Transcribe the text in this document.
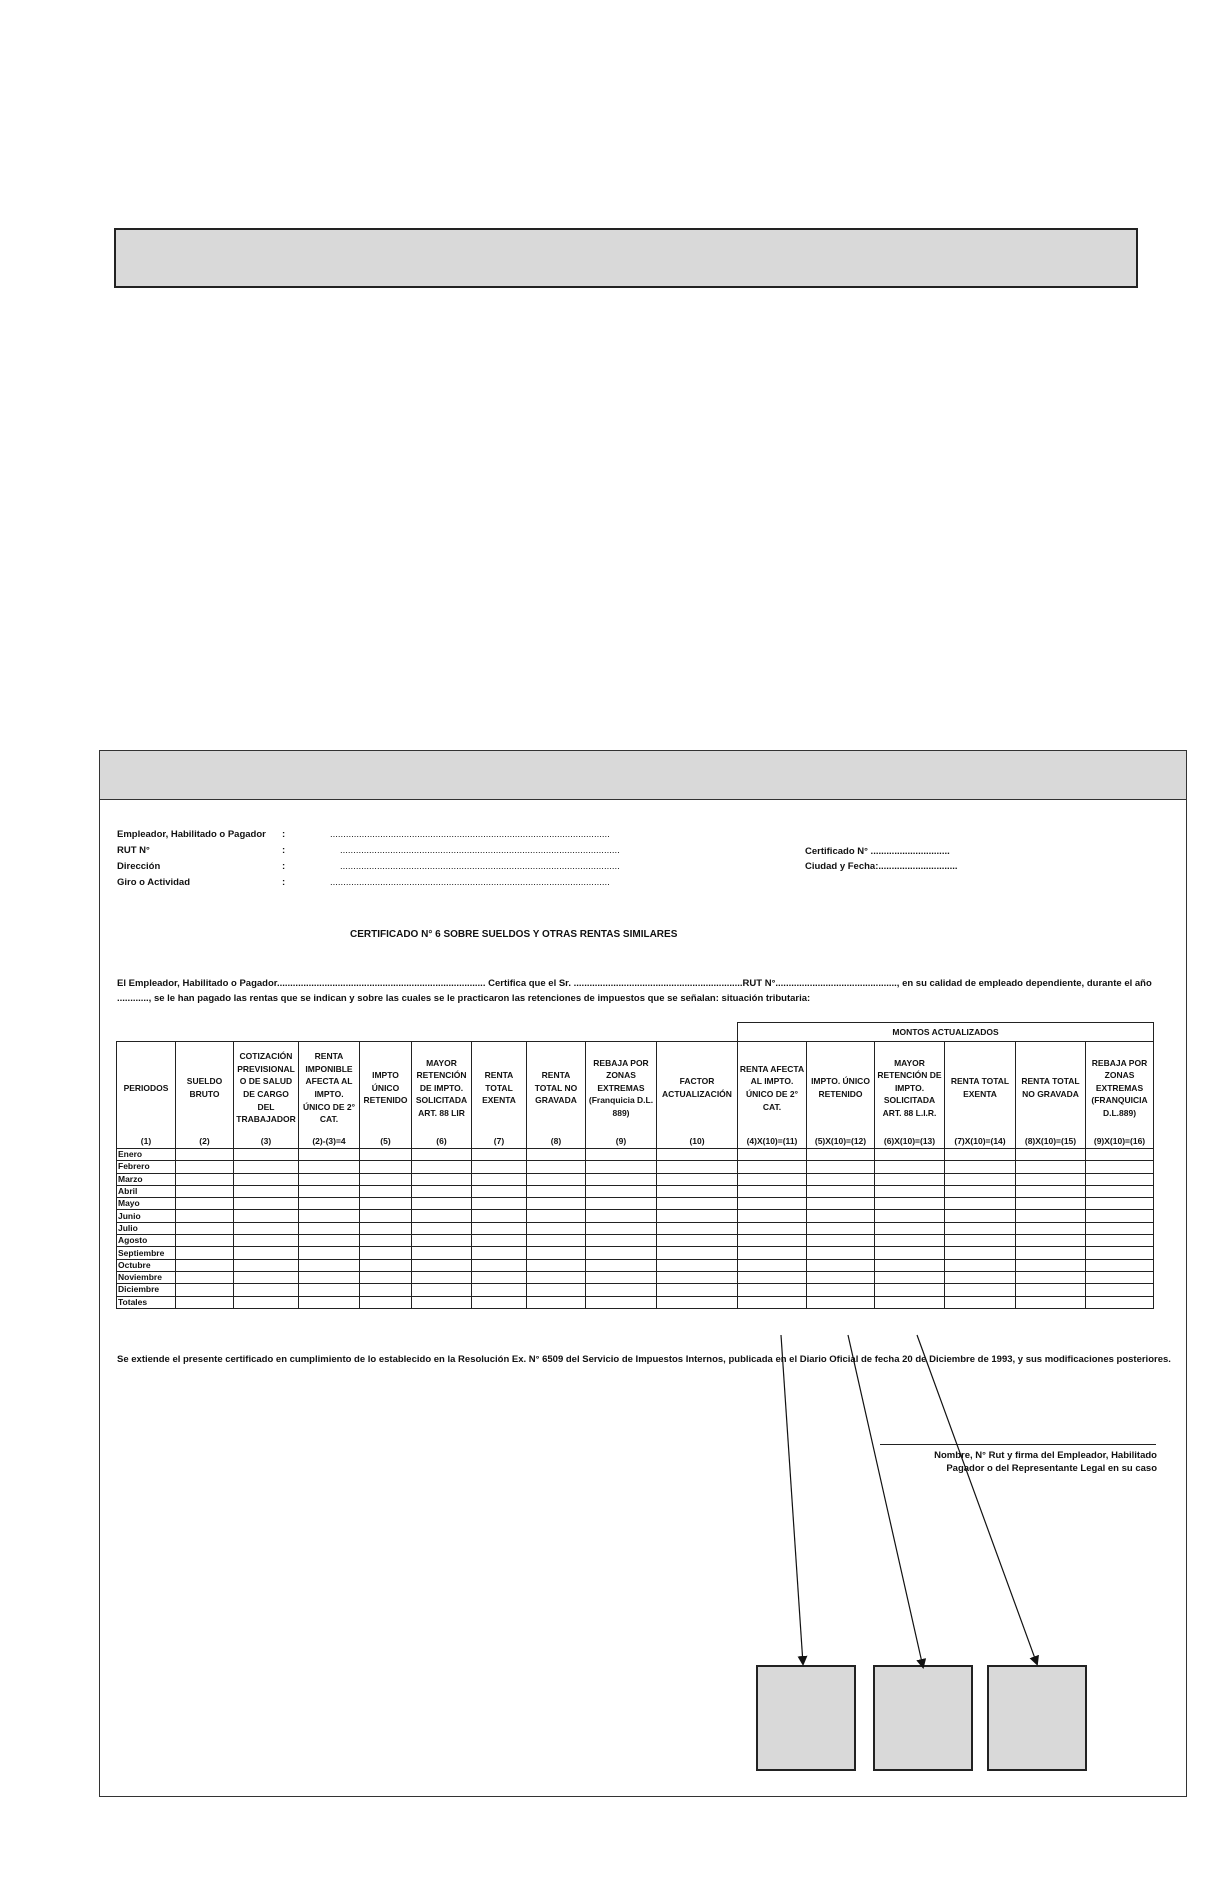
Empleador, Habilitado o Pagador :	..........................................................................................................
RUT N°	:	..........................................................................................................
Dirección	:	..........................................................................................................
Giro o Actividad	:	..........................................................................................................
Certificado N° ..............................
Ciudad y Fecha:..............................
CERTIFICADO N° 6 SOBRE SUELDOS Y OTRAS RENTAS SIMILARES
El Empleador, Habilitado o Pagador............................................................................... Certifica que el Sr. ................................................................RUT N°.............................................., en su calidad de empleado dependiente, durante el año
............, se le han pagado las rentas que se indican y sobre las cuales se le practicaron las retenciones de impuestos que se señalan: situación tributaria:
										MONTOS ACTUALIZADOS					
PERIODOS	SUELDO BRUTO	COTIZACIÓN PREVISIONAL O DE SALUD DE CARGO DEL TRABAJADOR	RENTA IMPONIBLE AFECTA AL IMPTO. ÚNICO DE 2° CAT.	IMPTO ÚNICO RETENIDO	MAYOR RETENCIÓN DE IMPTO. SOLICITADA ART. 88 LIR	RENTA TOTAL EXENTA	RENTA TOTAL NO GRAVADA	REBAJA POR ZONAS EXTREMAS (Franquicia D.L. 889)	FACTOR ACTUALIZACIÓN	RENTA AFECTA AL IMPTO. ÚNICO DE 2° CAT.	IMPTO. ÚNICO RETENIDO	MAYOR RETENCIÓN DE IMPTO. SOLICITADA ART. 88 L.I.R.	RENTA TOTAL EXENTA	RENTA TOTAL NO GRAVADA	REBAJA POR ZONAS EXTREMAS (FRANQUICIA D.L.889)
(1)	(2)	(3)	(2)-(3)=4	(5)	(6)	(7)	(8)	(9)	(10)	(4)X(10)=(11)	(5)X(10)=(12)	(6)X(10)=(13)	(7)X(10)=(14)	(8)X(10)=(15)	(9)X(10)=(16)
Enero															
Febrero															
Marzo															
Abril															
Mayo															
Junio															
Julio															
Agosto															
Septiembre															
Octubre															
Noviembre															
Diciembre															
Totales															
Se extiende el presente certificado en cumplimiento de lo establecido en la Resolución Ex. N° 6509 del Servicio de Impuestos Internos, publicada en el Diario Oficial de fecha 20 de Diciembre de 1993, y sus modificaciones posteriores.
Nombre, N° Rut y firma del Empleador, Habilitado
Pagador o del Representante Legal en su caso
